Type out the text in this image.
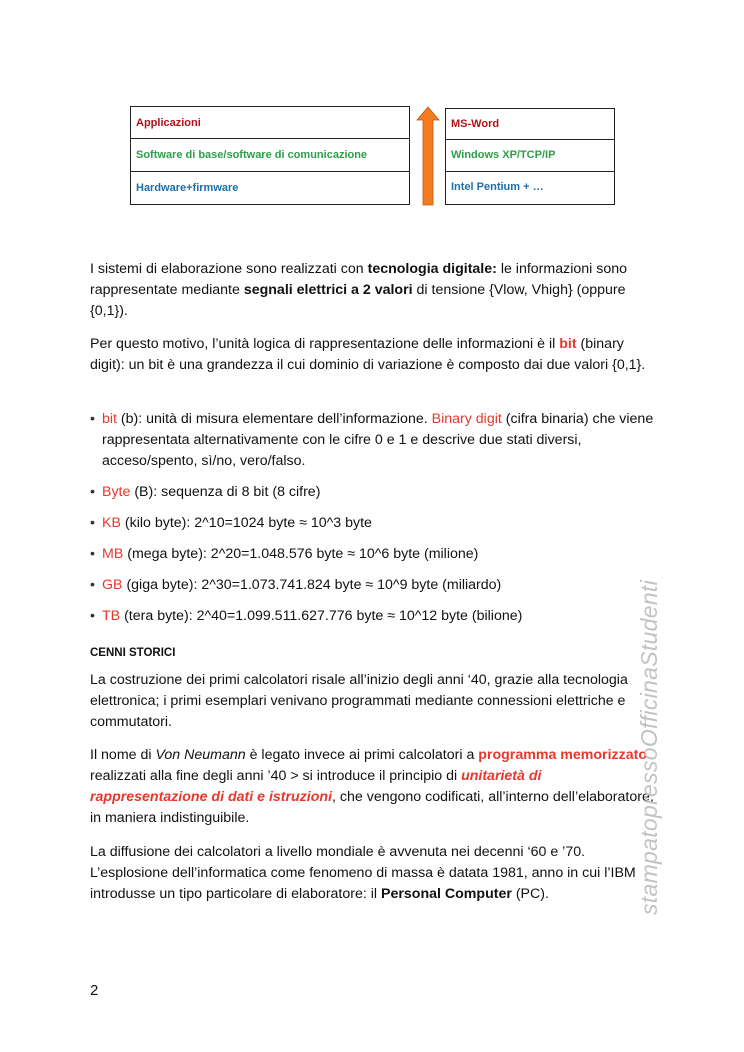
Applicazioni
Software di base/software di comunicazione
Hardware+firmware
MS-Word
Windows XP/TCP/IP
Intel Pentium + …

I sistemi di elaborazione sono realizzati con tecnologia digitale: le informazioni sono rappresentate mediante segnali elettrici a 2 valori di tensione {Vlow, Vhigh} (oppure {0,1}).

Per questo motivo, l’unità logica di rappresentazione delle informazioni è il bit (binary digit): un bit è una grandezza il cui dominio di variazione è composto dai due valori {0,1}.

• bit (b): unità di misura elementare dell’informazione. Binary digit (cifra binaria) che viene rappresentata alternativamente con le cifre 0 e 1 e descrive due stati diversi, acceso/spento, sì/no, vero/falso.
• Byte (B): sequenza di 8 bit (8 cifre)
• KB (kilo byte): 2^10=1024 byte ≈ 10^3 byte
• MB (mega byte): 2^20=1.048.576 byte ≈ 10^6 byte (milione)
• GB (giga byte): 2^30=1.073.741.824 byte ≈ 10^9 byte (miliardo)
• TB (tera byte): 2^40=1.099.511.627.776 byte ≈ 10^12 byte (bilione)
CENNI STORICI

La costruzione dei primi calcolatori risale all’inizio degli anni ‘40, grazie alla tecnologia elettronica; i primi esemplari venivano programmati mediante connessioni elettriche e commutatori.

Il nome di Von Neumann è legato invece ai primi calcolatori a programma memorizzato realizzati alla fine degli anni ’40 > si introduce il principio di unitarietà di rappresentazione di dati e istruzioni, che vengono codificati, all’interno dell’elaboratore, in maniera indistinguibile.

La diffusione dei calcolatori a livello mondiale è avvenuta nei decenni ‘60 e ’70. L’esplosione dell’informatica come fenomeno di massa è datata 1981, anno in cui l’IBM introdusse un tipo particolare di elaboratore: il Personal Computer (PC).

2
stampatopressoOfficinaStudenti
